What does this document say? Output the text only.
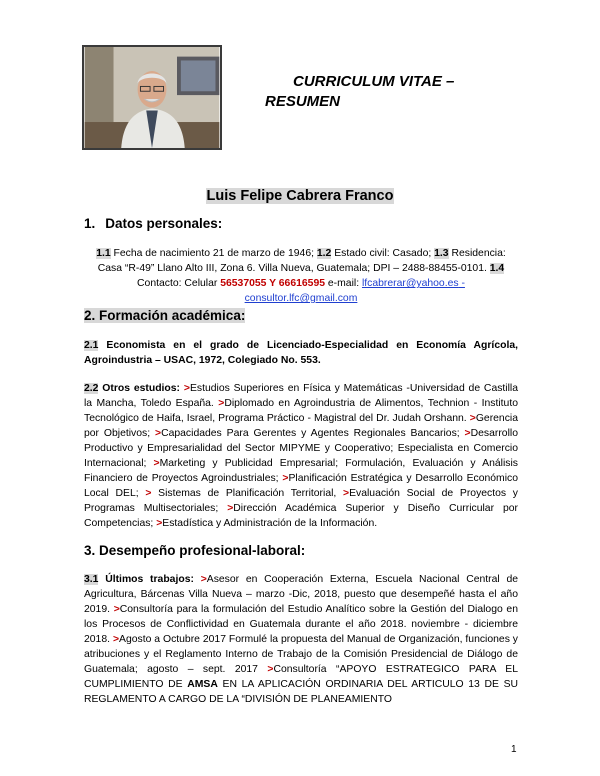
CURRICULUM VITAE –
RESUMEN
Luis Felipe Cabrera Franco
1. Datos personales:
1.1 Fecha de nacimiento 21 de marzo de 1946; 1.2 Estado civil: Casado; 1.3 Residencia: Casa “R-49” Llano Alto III, Zona 6. Villa Nueva, Guatemala; DPI – 2488-88455-0101. 1.4 Contacto: Celular 56537055 Y 66616595 e-mail: lfcabrerar@yahoo.es - consultor.lfc@gmail.com
2. Formación académica:
2.1 Economista en el grado de Licenciado-Especialidad en Economía Agrícola, Agroindustria – USAC, 1972, Colegiado No. 553.
2.2 Otros estudios: >Estudios Superiores en Física y Matemáticas -Universidad de Castilla la Mancha, Toledo España. >Diplomado en Agroindustria de Alimentos, Technion - Instituto Tecnológico de Haifa, Israel, Programa Práctico - Magistral del Dr. Judah Orshann. >Gerencia por Objetivos; >Capacidades Para Gerentes y Agentes Regionales Bancarios; >Desarrollo Productivo y Empresarialidad del Sector MIPYME y Cooperativo; Especialista en Comercio Internacional; >Marketing y Publicidad Empresarial; Formulación, Evaluación y Análisis Financiero de Proyectos Agroindustriales; >Planificación Estratégica y Desarrollo Económico Local DEL; > Sistemas de Planificación Territorial, >Evaluación Social de Proyectos y Programas Multisectoriales; >Dirección Académica Superior y Diseño Curricular por Competencias; >Estadística y Administración de la Información.
3. Desempeño profesional-laboral:
3.1 Últimos trabajos: >Asesor en Cooperación Externa, Escuela Nacional Central de Agricultura, Bárcenas Villa Nueva – marzo -Dic, 2018, puesto que desempeñé hasta el año 2019. >Consultoría para la formulación del Estudio Analítico sobre la Gestión del Dialogo en los Procesos de Conflictividad en Guatemala durante el año 2018. noviembre - diciembre 2018. >Agosto a Octubre 2017 Formulé la propuesta del Manual de Organización, funciones y atribuciones y el Reglamento Interno de Trabajo de la Comisión Presidencial de Diálogo de Guatemala; agosto – sept. 2017 >Consultoría “APOYO ESTRATEGICO PARA EL CUMPLIMIENTO DE AMSA EN LA APLICACIÓN ORDINARIA DEL ARTICULO 13 DE SU REGLAMENTO A CARGO DE LA “DIVISIÓN DE PLANEAMIENTO
1
